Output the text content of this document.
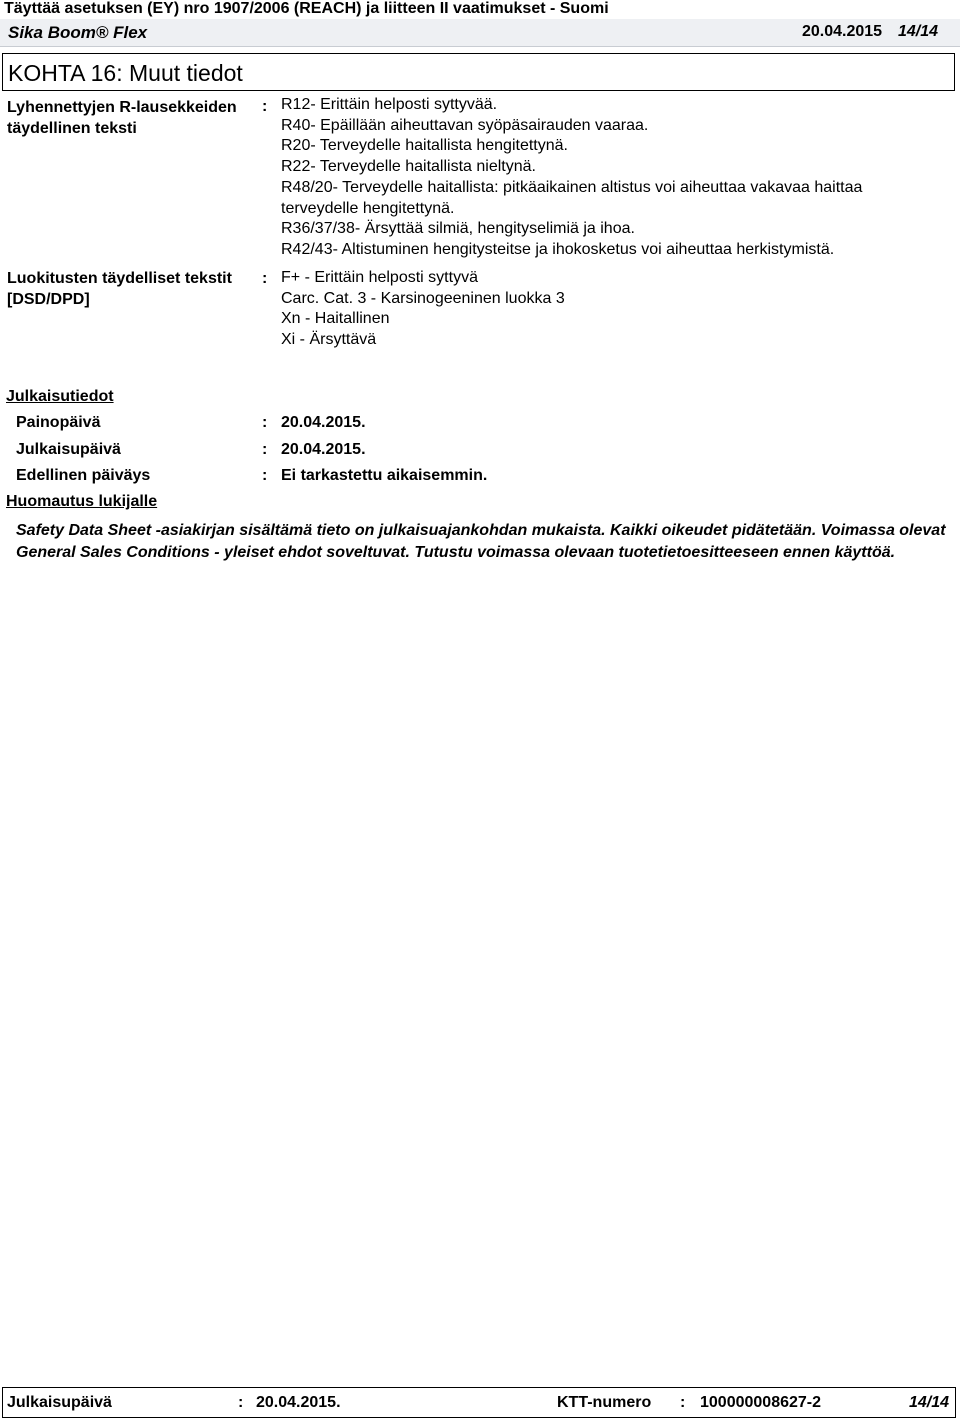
Täyttää asetuksen (EY) nro 1907/2006 (REACH) ja liitteen II vaatimukset - Suomi
Sika Boom® Flex	20.04.2015 14/14
KOHTA 16: Muut tiedot
Lyhennettyjen R-lausekkeiden täydellinen teksti
: R12- Erittäin helposti syttyvää.
R40- Epäillään aiheuttavan syöpäsairauden vaaraa.
R20- Terveydelle haitallista hengitettynä.
R22- Terveydelle haitallista nieltynä.
R48/20- Terveydelle haitallista: pitkäaikainen altistus voi aiheuttaa vakavaa haittaa
terveydelle hengitettynä.
R36/37/38- Ärsyttää silmiä, hengityselimiä ja ihoa.
R42/43- Altistuminen hengitysteitse ja ihokosketus voi aiheuttaa herkistymistä.
Luokitusten täydelliset tekstit [DSD/DPD]
: F+ - Erittäin helposti syttyvä
Carc. Cat. 3 - Karsinogeeninen luokka 3
Xn - Haitallinen
Xi - Ärsyttävä
Julkaisutiedot
Painopäivä	: 20.04.2015.
Julkaisupäivä	: 20.04.2015.
Edellinen päiväys	: Ei tarkastettu aikaisemmin.
Huomautus lukijalle

Safety Data Sheet -asiakirjan sisältämä tieto on julkaisuajankohdan mukaista. Kaikki oikeudet pidätetään. Voimassa olevat General Sales Conditions - yleiset ehdot soveltuvat. Tutustu voimassa olevaan tuotetietoesitteeseen ennen käyttöä.

Julkaisupäivä	: 20.04.2015.	KTT-numero : 100000008627-2	14/14
